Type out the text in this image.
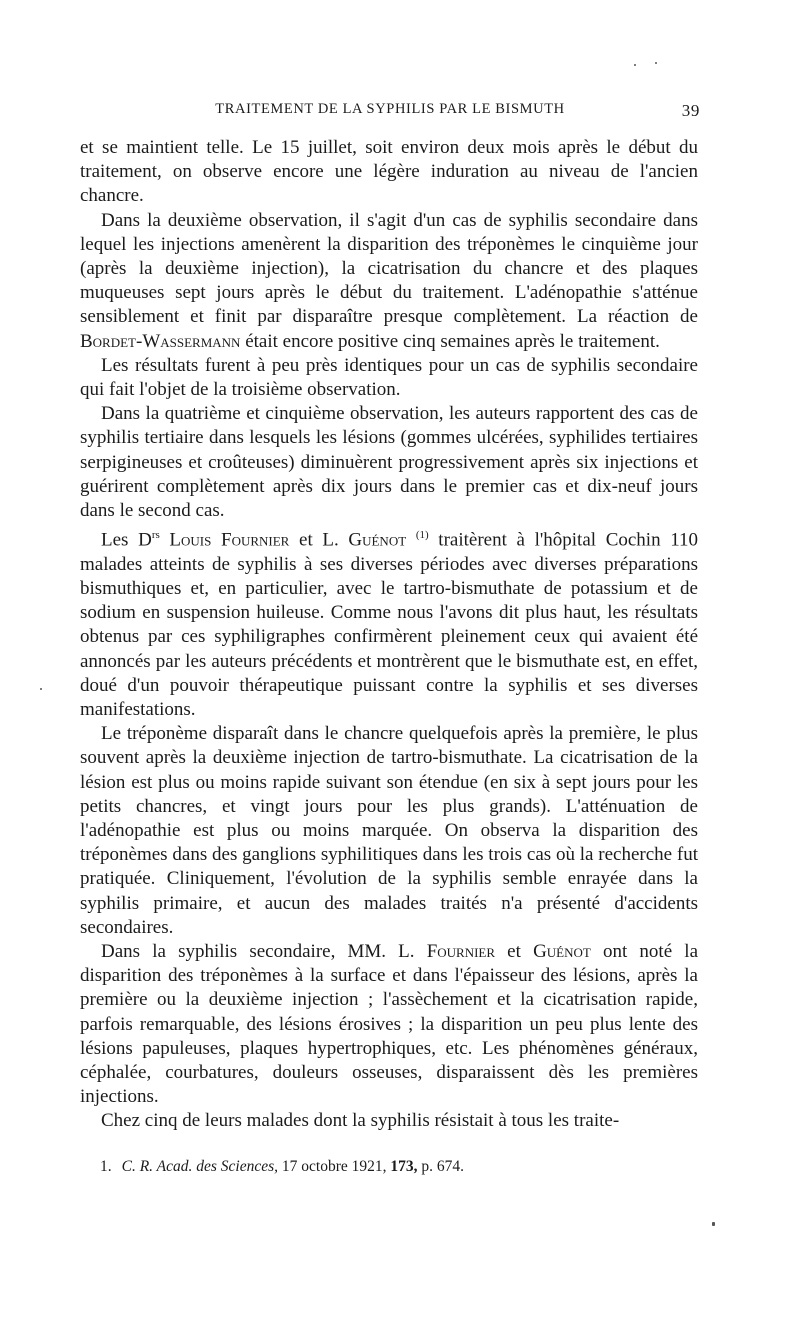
TRAITEMENT DE LA SYPHILIS PAR LE BISMUTH	39

et se maintient telle. Le 15 juillet, soit environ deux mois après le début du traitement, on observe encore une légère induration au niveau de l'ancien chancre.

Dans la deuxième observation, il s'agit d'un cas de syphilis secondaire dans lequel les injections amenèrent la disparition des tréponèmes le cinquième jour (après la deuxième injection), la cicatrisation du chancre et des plaques muqueuses sept jours après le début du traitement. L'adénopathie s'atténue sensiblement et finit par disparaître presque complètement. La réaction de Bordet-Wassermann était encore positive cinq semaines après le traitement.

Les résultats furent à peu près identiques pour un cas de syphilis secondaire qui fait l'objet de la troisième observation.

Dans la quatrième et cinquième observation, les auteurs rapportent des cas de syphilis tertiaire dans lesquels les lésions (gommes ulcérées, syphilides tertiaires serpigineuses et croûteuses) diminuèrent progressivement après six injections et guérirent complètement après dix jours dans le premier cas et dix-neuf jours dans le second cas.

Les $D^{rs}$ Louis Fournier et L. Guénot $^{(1)}$ traitèrent à l'hôpital Cochin 110 malades atteints de syphilis à ses diverses périodes avec diverses préparations bismuthiques et, en particulier, avec le tartro-bismuthate de potassium et de sodium en suspension huileuse. Comme nous l'avons dit plus haut, les résultats obtenus par ces syphiligraphes confirmèrent pleinement ceux qui avaient été annoncés par les auteurs précédents et montrèrent que le bismuthate est, en effet, doué d'un pouvoir thérapeutique puissant contre la syphilis et ses diverses manifestations.

Le tréponème disparaît dans le chancre quelquefois après la première, le plus souvent après la deuxième injection de tartro-bismuthate. La cicatrisation de la lésion est plus ou moins rapide suivant son étendue (en six à sept jours pour les petits chancres, et vingt jours pour les plus grands). L'atténuation de l'adénopathie est plus ou moins marquée. On observa la disparition des tréponèmes dans des ganglions syphilitiques dans les trois cas où la recherche fut pratiquée. Cliniquement, l'évolution de la syphilis semble enrayée dans la syphilis primaire, et aucun des malades traités n'a présenté d'accidents secondaires.

Dans la syphilis secondaire, MM. L. Fournier et Guénot ont noté la disparition des tréponèmes à la surface et dans l'épaisseur des lésions, après la première ou la deuxième injection ; l'assèchement et la cicatrisation rapide, parfois remarquable, des lésions érosives ; la disparition un peu plus lente des lésions papuleuses, plaques hypertrophiques, etc. Les phénomènes généraux, céphalée, courbatures, douleurs osseuses, disparaissent dès les premières injections.

Chez cinq de leurs malades dont la syphilis résistait à tous les traite-

1. C. R. Acad. des Sciences, 17 octobre 1921, 173, p. 674.
